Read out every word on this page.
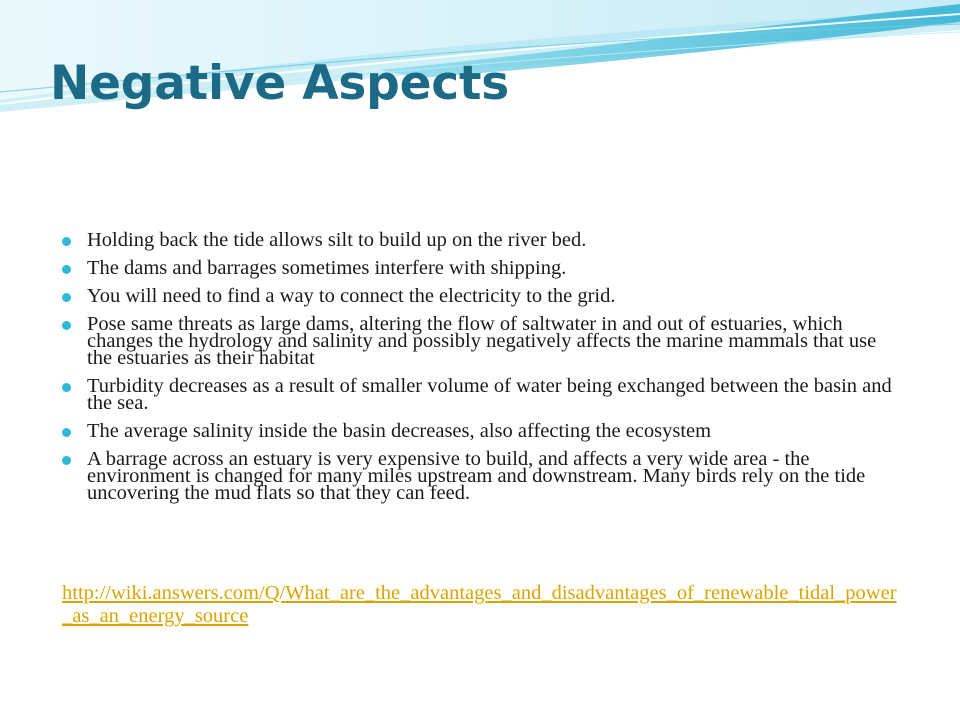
Negative Aspects
Holding back the tide allows silt to build up on the river bed.
The dams and barrages sometimes interfere with shipping.
You will need to find a way to connect the electricity to the grid.
Pose same threats as large dams, altering the flow of saltwater in and out of estuaries, which changes the hydrology and salinity and possibly negatively affects the marine mammals that use the estuaries as their habitat
Turbidity decreases as a result of smaller volume of water being exchanged between the basin and the sea.
The average salinity inside the basin decreases, also affecting the ecosystem
A barrage across an estuary is very expensive to build, and affects a very wide area - the environment is changed for many miles upstream and downstream. Many birds rely on the tide uncovering the mud flats so that they can feed.
http://wiki.answers.com/Q/What_are_the_advantages_and_disadvantages_of_renewable_tidal_power_as_an_energy_source
